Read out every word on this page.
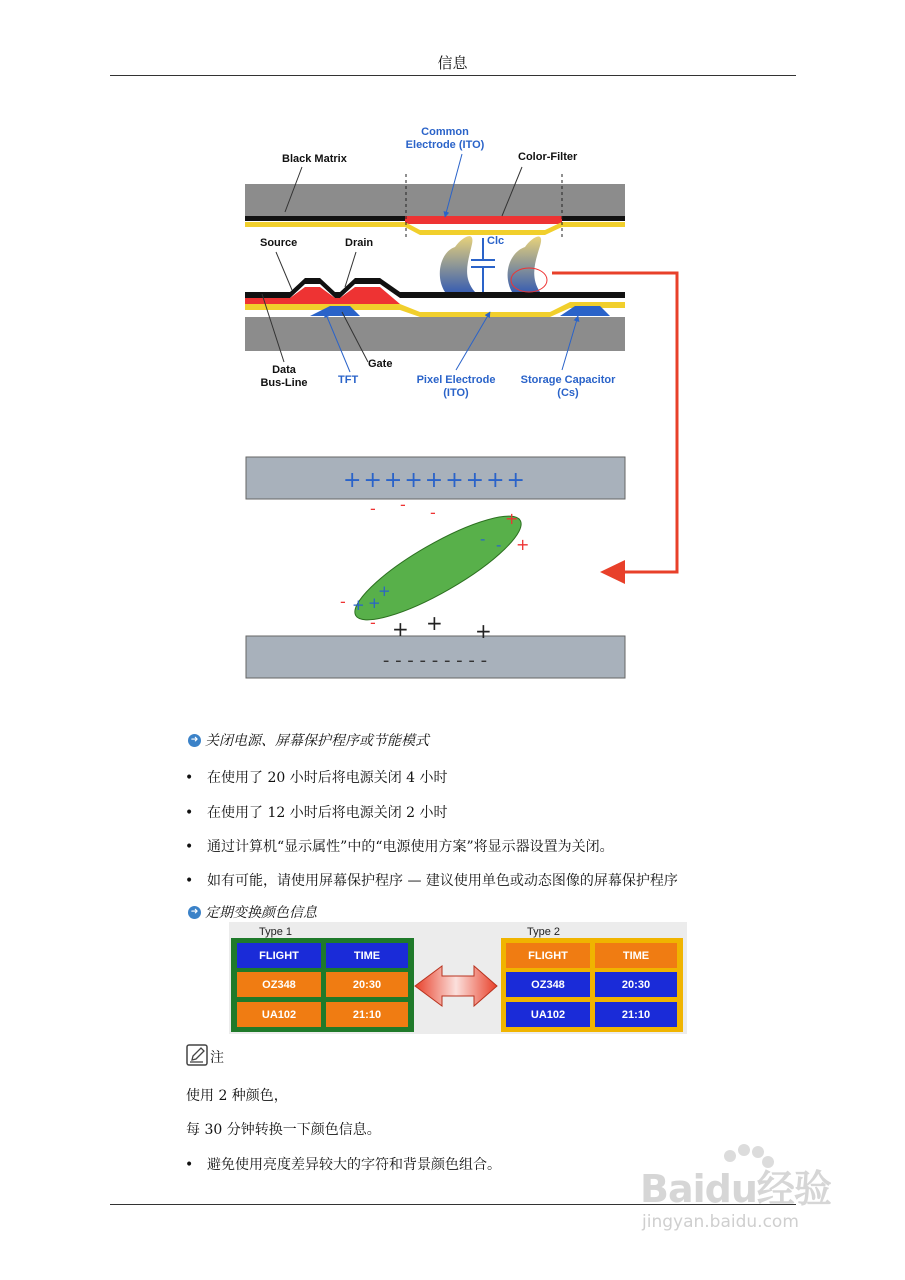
信息
Black Matrix
Common
Electrode (ITO)
Color-Filter
Source	Drain	Clc
Data
Bus-Line
Gate
TFT	Pixel Electrode
(ITO)
Storage Capacitor
(Cs)
+++++++++
- - - - - - - - -
- - -	+
+
-
-
- -
+ +
+
+ + +
➜ 关闭电源、屏幕保护程序或节能模式
• 在使用了 20 小时后将电源关闭 4 小时
• 在使用了 12 小时后将电源关闭 2 小时
• 通过计算机“显示属性”中的“电源使用方案”将显示器设置为关闭。
• 如有可能，请使用屏幕保护程序 — 建议使用单色或动态图像的屏幕保护程序
➜ 定期变换颜色信息
Type 1
FLIGHT	TIME
OZ348	20:30
UA102	21:10
Type 2
FLIGHT	TIME
OZ348	20:30
UA102	21:10
注
使用 2 种颜色，
每 30 分钟转换一下颜色信息。
• 避免使用亮度差异较大的字符和背景颜色组合。
Baidu经验
jingyan.baidu.com
